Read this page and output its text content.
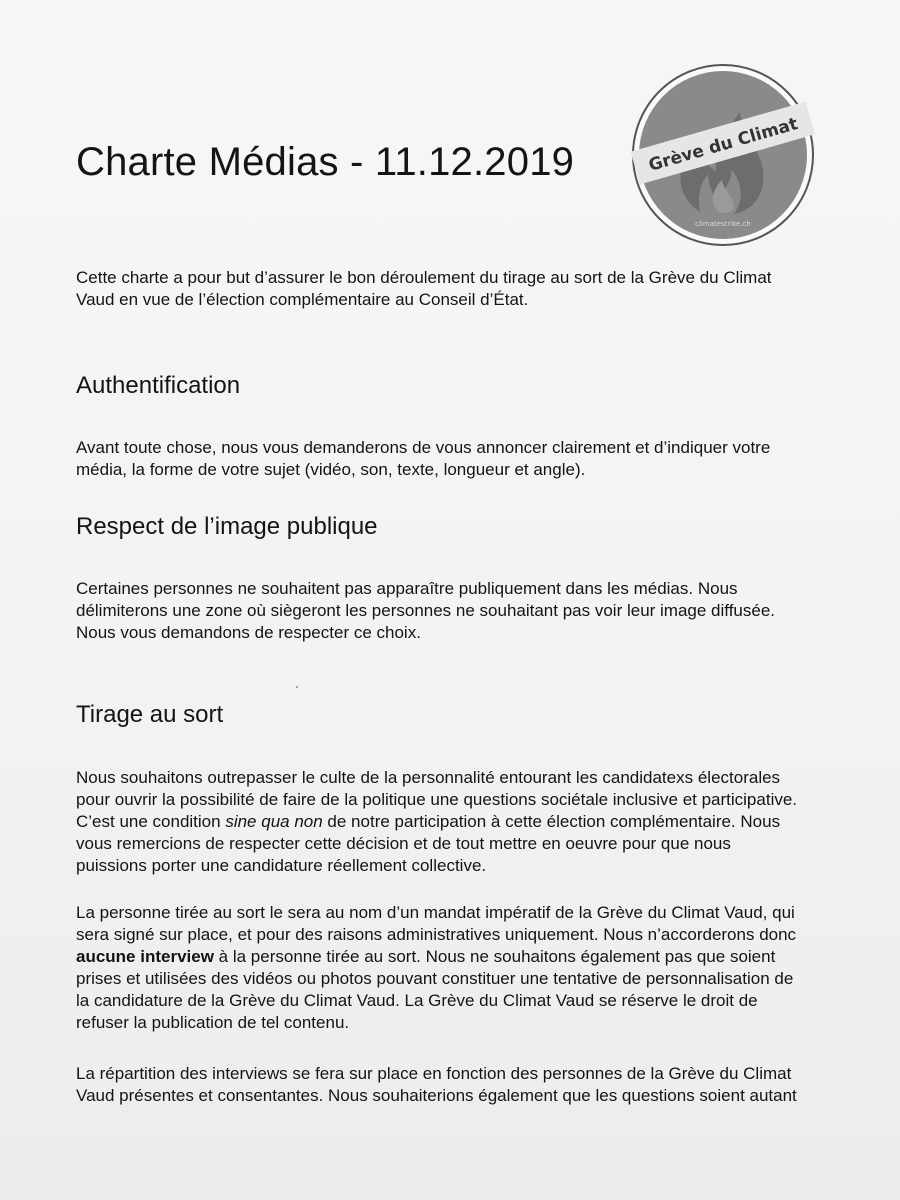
Charte Médias - 11.12.2019	Grève du Climat
climatestrike.ch

Cette charte a pour but d’assurer le bon déroulement du tirage au sort de la Grève du Climat
Vaud en vue de l’élection complémentaire au Conseil d’État.

Authentification

Avant toute chose, nous vous demanderons de vous annoncer clairement et d’indiquer votre
média, la forme de votre sujet (vidéo, son, texte, longueur et angle).

Respect de l’image publique

Certaines personnes ne souhaitent pas apparaître publiquement dans les médias. Nous
délimiterons une zone où siègeront les personnes ne souhaitant pas voir leur image diffusée.
Nous vous demandons de respecter ce choix.

Tirage au sort

Nous souhaitons outrepasser le culte de la personnalité entourant les candidatexs électorales
pour ouvrir la possibilité de faire de la politique une questions sociétale inclusive et participative.
C’est une condition sine qua non de notre participation à cette élection complémentaire. Nous
vous remercions de respecter cette décision et de tout mettre en oeuvre pour que nous
puissions porter une candidature réellement collective.

La personne tirée au sort le sera au nom d’un mandat impératif de la Grève du Climat Vaud, qui
sera signé sur place, et pour des raisons administratives uniquement. Nous n’accorderons donc
aucune interview à la personne tirée au sort. Nous ne souhaitons également pas que soient
prises et utilisées des vidéos ou photos pouvant constituer une tentative de personnalisation de
la candidature de la Grève du Climat Vaud. La Grève du Climat Vaud se réserve le droit de
refuser la publication de tel contenu.

La répartition des interviews se fera sur place en fonction des personnes de la Grève du Climat
Vaud présentes et consentantes. Nous souhaiterions également que les questions soient autant
